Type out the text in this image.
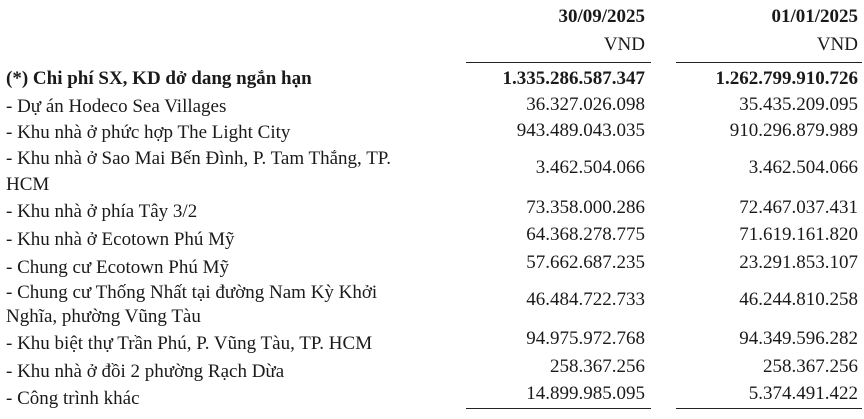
30/09/2025
VND
01/01/2025
VND
(*) Chi phí SX, KD dở dang ngắn hạn	1.335.286.587.347	1.262.799.910.726
- Dự án Hodeco Sea Villages	36.327.026.098	35.435.209.095
- Khu nhà ở phức hợp The Light City	943.489.043.035	910.296.879.989
- Khu nhà ở Sao Mai Bến Đình, P. Tam Thắng, TP.
HCM
3.462.504.066	3.462.504.066
- Khu nhà ở phía Tây 3/2	73.358.000.286	72.467.037.431
- Khu nhà ở Ecotown Phú Mỹ	64.368.278.775	71.619.161.820
- Chung cư Ecotown Phú Mỹ	57.662.687.235	23.291.853.107
- Chung cư Thống Nhất tại đường Nam Kỳ Khởi
Nghĩa, phường Vũng Tàu
46.484.722.733	46.244.810.258
- Khu biệt thự Trần Phú, P. Vũng Tàu, TP. HCM	94.975.972.768	94.349.596.282
- Khu nhà ở đồi 2 phường Rạch Dừa	258.367.256	258.367.256
- Công trình khác	14.899.985.095	5.374.491.422
